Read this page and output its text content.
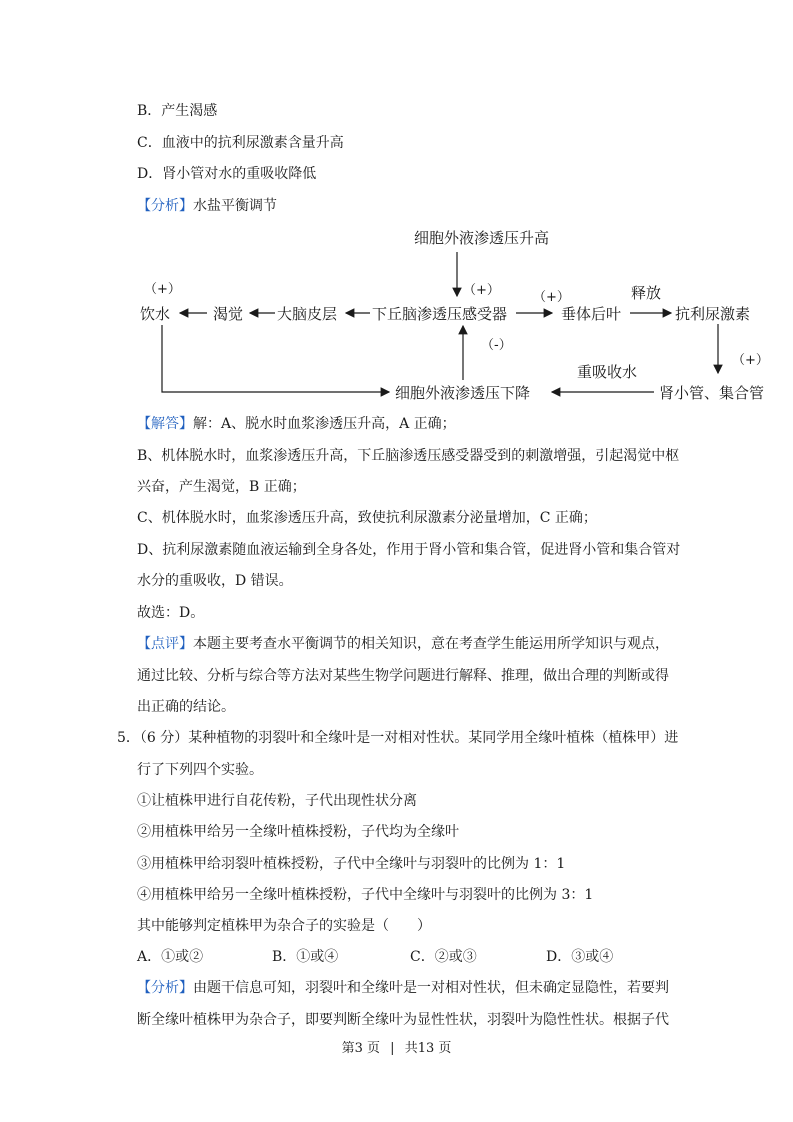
B．产生渴感
C．血液中的抗利尿激素含量升高
D．肾小管对水的重吸收降低
【分析】水盐平衡调节
细胞外液渗透压升高
（+）
（+）
饮水	渴觉 大脑皮层 下丘脑渗透压感受器
（+）
垂体后叶
释放
抗利尿激素
（+）
肾小管、集合管
重吸收水
细胞外液渗透压下降
（-）
【解答】解：A、脱水时血浆渗透压升高，A 正确；
B、机体脱水时，血浆渗透压升高，下丘脑渗透压感受器受到的刺激增强，引起渴觉中枢
兴奋，产生渴觉，B 正确；
C、机体脱水时，血浆渗透压升高，致使抗利尿激素分泌量增加，C 正确；
D、抗利尿激素随血液运输到全身各处，作用于肾小管和集合管，促进肾小管和集合管对
水分的重吸收，D 错误。
故选：D。
【点评】本题主要考查水平衡调节的相关知识，意在考查学生能运用所学知识与观点，
通过比较、分析与综合等方法对某些生物学问题进行解释、推理，做出合理的判断或得
出正确的结论。
5．（6 分）某种植物的羽裂叶和全缘叶是一对相对性状。某同学用全缘叶植株（植株甲）进
行了下列四个实验。
①让植株甲进行自花传粉，子代出现性状分离
②用植株甲给另一全缘叶植株授粉，子代均为全缘叶
③用植株甲给羽裂叶植株授粉，子代中全缘叶与羽裂叶的比例为 1：1
④用植株甲给另一全缘叶植株授粉，子代中全缘叶与羽裂叶的比例为 3：1
其中能够判定植株甲为杂合子的实验是（　　）
A．①或②	B．①或④	C．②或③	D．③或④
【分析】由题干信息可知，羽裂叶和全缘叶是一对相对性状，但未确定显隐性，若要判
断全缘叶植株甲为杂合子，即要判断全缘叶为显性性状，羽裂叶为隐性性状。根据子代
第3 页 | 共13 页
